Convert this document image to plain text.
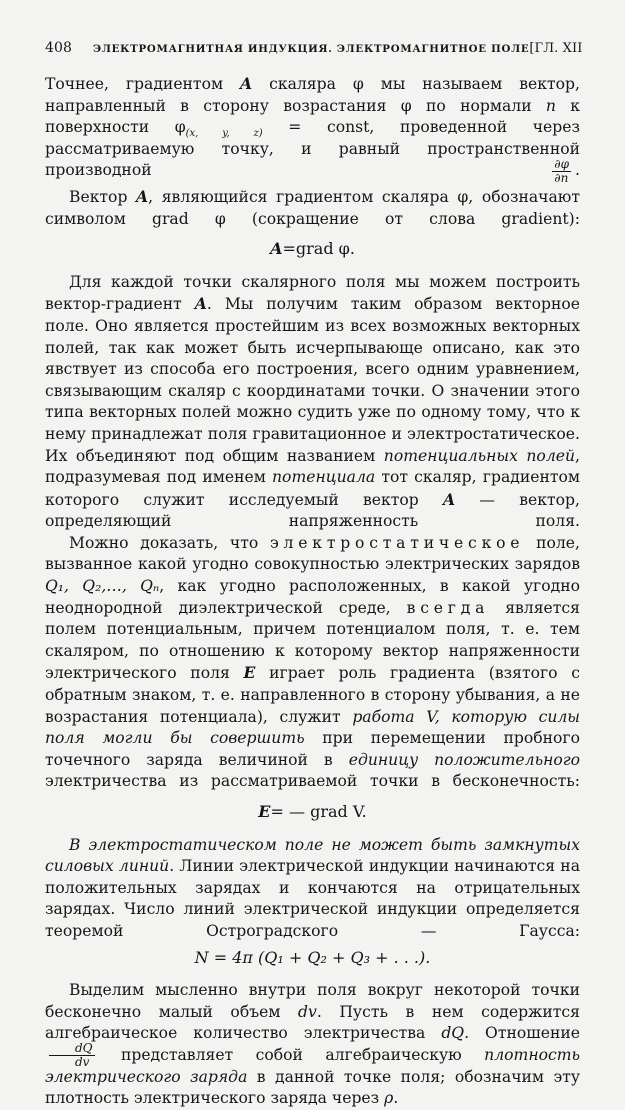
408 ЭЛЕКТРОМАГНИТНАЯ ИНДУКЦИЯ. ЭЛЕКТРОМАГНИТНОЕ ПОЛЕ [ГЛ. XII

Точнее, градиентом A скаляра φ мы называем вектор, направленный в сторону возрастания φ по нормали n к поверхности $\varphi_{(x, y, z)}$ = const, проведенной через рассматриваемую точку, и равный пространственной производной $\frac{\partial\varphi}{\partial n}$ .

Вектор A, являющийся градиентом скаляра φ, обозначают символом grad φ (сокращение от слова gradient):

A=grad φ.

Для каждой точки скалярного поля мы можем построить вектор-градиент A. Мы получим таким образом векторное поле. Оно является простейшим из всех возможных векторных полей, так как может быть исчерпывающе описано, как это явствует из способа его построения, всего одним уравнением, связывающим скаляр с координатами точки. О значении этого типа векторных полей можно судить уже по одному тому, что к нему принадлежат поля гравитационное и электростатическое. Их объединяют под общим названием потенциальных полей, подразумевая под именем потенциала тот скаляр, градиентом которого служит исследуемый вектор A — вектор, определяющий напряженность поля.

Можно доказать, что электростатическое поле, вызванное какой угодно совокупностью электрических зарядов Q₁, Q₂,…, Qₙ, как угодно расположенных, в какой угодно неоднородной диэлектрической среде, всегда является полем потенциальным, причем потенциалом поля, т. е. тем скаляром, по отношению к которому вектор напряженности электрического поля E играет роль градиента (взятого с обратным знаком, т. е. направленного в сторону убывания, а не возрастания потенциала), служит работа V, которую силы поля могли бы совершить при перемещении пробного точечного заряда величиной в единицу положительного электричества из рассматриваемой точки в бесконечность:

E= — grad V.

В электростатическом поле не может быть замкнутых силовых линий. Линии электрической индукции начинаются на положительных зарядах и кончаются на отрицательных зарядах. Число линий электрической индукции определяется теоремой Остроградского — Гаусса:

N = 4π (Q₁ + Q₂ + Q₃ + . . .).

Выделим мысленно внутри поля вокруг некоторой точки бесконечно малый объем dv. Пусть в нем содержится алгебраическое количество электричества dQ. Отношение
$\frac{dQ}{dv}$ представляет собой алгебраическую плотность электрического заряда в данной точке поля; обозначим эту плотность электрического заряда через ρ.
